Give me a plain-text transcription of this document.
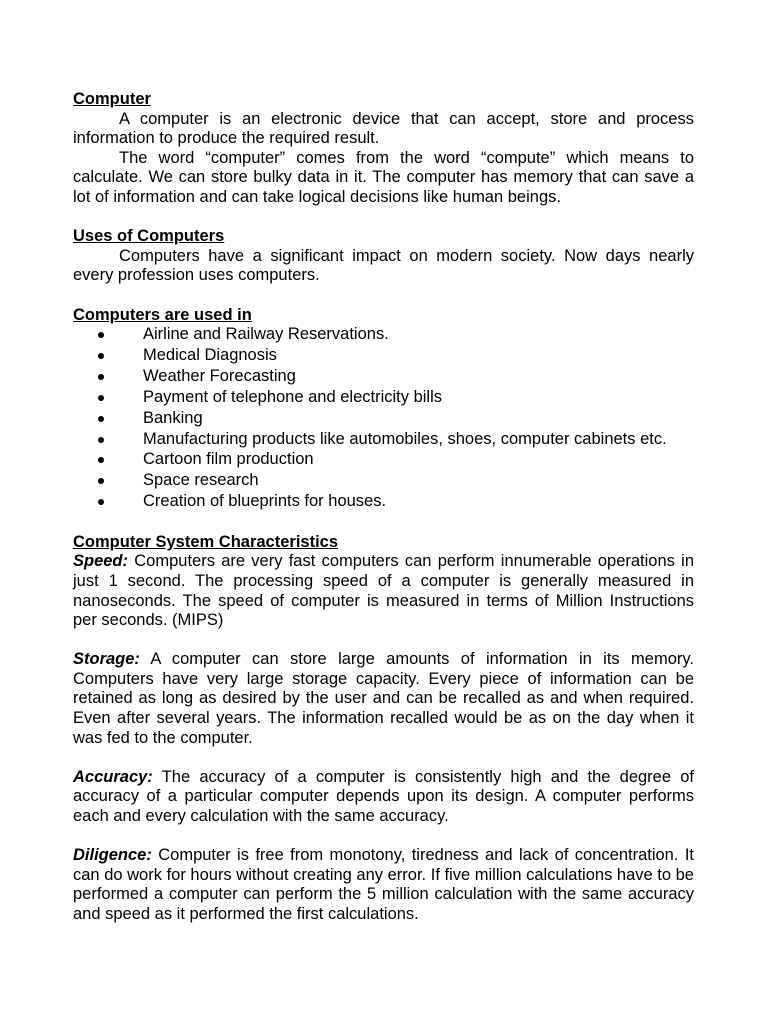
Computer

A computer is an electronic device that can accept, store and process information to produce the required result.

The word “computer” comes from the word “compute” which means to calculate. We can store bulky data in it. The computer has memory that can save a lot of information and can take logical decisions like human beings.

Uses of Computers

Computers have a significant impact on modern society. Now days nearly every profession uses computers.

Computers are used in

Airline and Railway Reservations.
Medical Diagnosis
Weather Forecasting
Payment of telephone and electricity bills
Banking
Manufacturing products like automobiles, shoes, computer cabinets etc.
Cartoon film production
Space research
Creation of blueprints for houses.

Computer System Characteristics

Speed: Computers are very fast computers can perform innumerable operations in just 1 second. The processing speed of a computer is generally measured in nanoseconds. The speed of computer is measured in terms of Million Instructions per seconds. (MIPS)

Storage: A computer can store large amounts of information in its memory. Computers have very large storage capacity. Every piece of information can be retained as long as desired by the user and can be recalled as and when required. Even after several years. The information recalled would be as on the day when it was fed to the computer.

Accuracy: The accuracy of a computer is consistently high and the degree of accuracy of a particular computer depends upon its design. A computer performs each and every calculation with the same accuracy.

Diligence: Computer is free from monotony, tiredness and lack of concentration. It can do work for hours without creating any error. If five million calculations have to be performed a computer can perform the 5 million calculation with the same accuracy and speed as it performed the first calculations.
